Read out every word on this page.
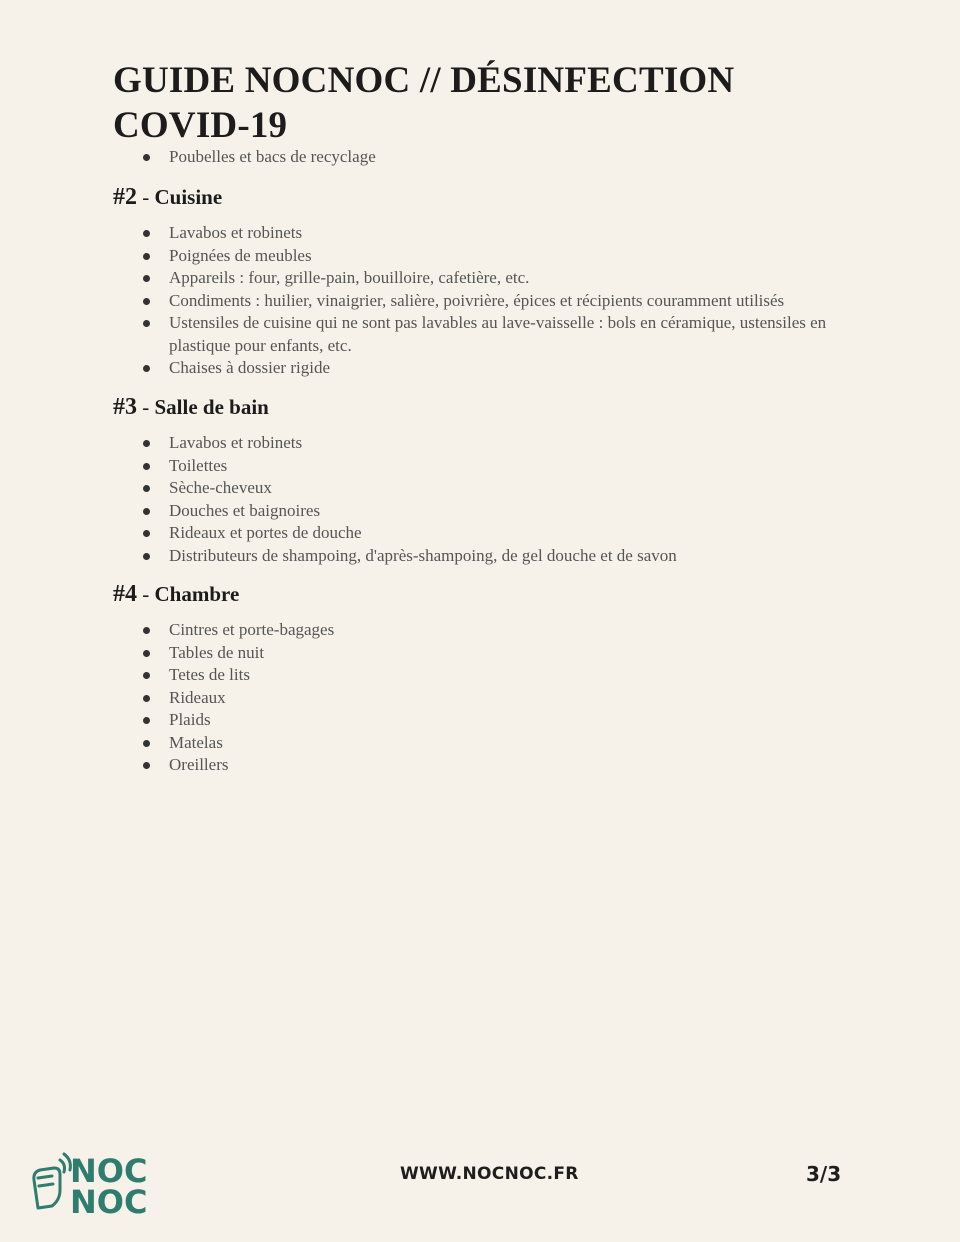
GUIDE NOCNOC // DÉSINFECTION COVID-19
Poubelles et bacs de recyclage
#2 - Cuisine
Lavabos et robinets
Poignées de meubles
Appareils : four, grille-pain, bouilloire, cafetière, etc.
Condiments : huilier, vinaigrier, salière, poivrière, épices et récipients couramment utilisés
Ustensiles de cuisine qui ne sont pas lavables au lave-vaisselle : bols en céramique, ustensiles en plastique pour enfants, etc.
Chaises à dossier rigide
#3 - Salle de bain
Lavabos et robinets
Toilettes
Sèche-cheveux
Douches et baignoires
Rideaux et portes de douche
Distributeurs de shampoing, d'après-shampoing, de gel douche et de savon
#4 - Chambre
Cintres et porte-bagages
Tables de nuit
Tetes de lits
Rideaux
Plaids
Matelas
Oreillers
NOC
NOC
WWW.NOCNOC.FR	3/3
